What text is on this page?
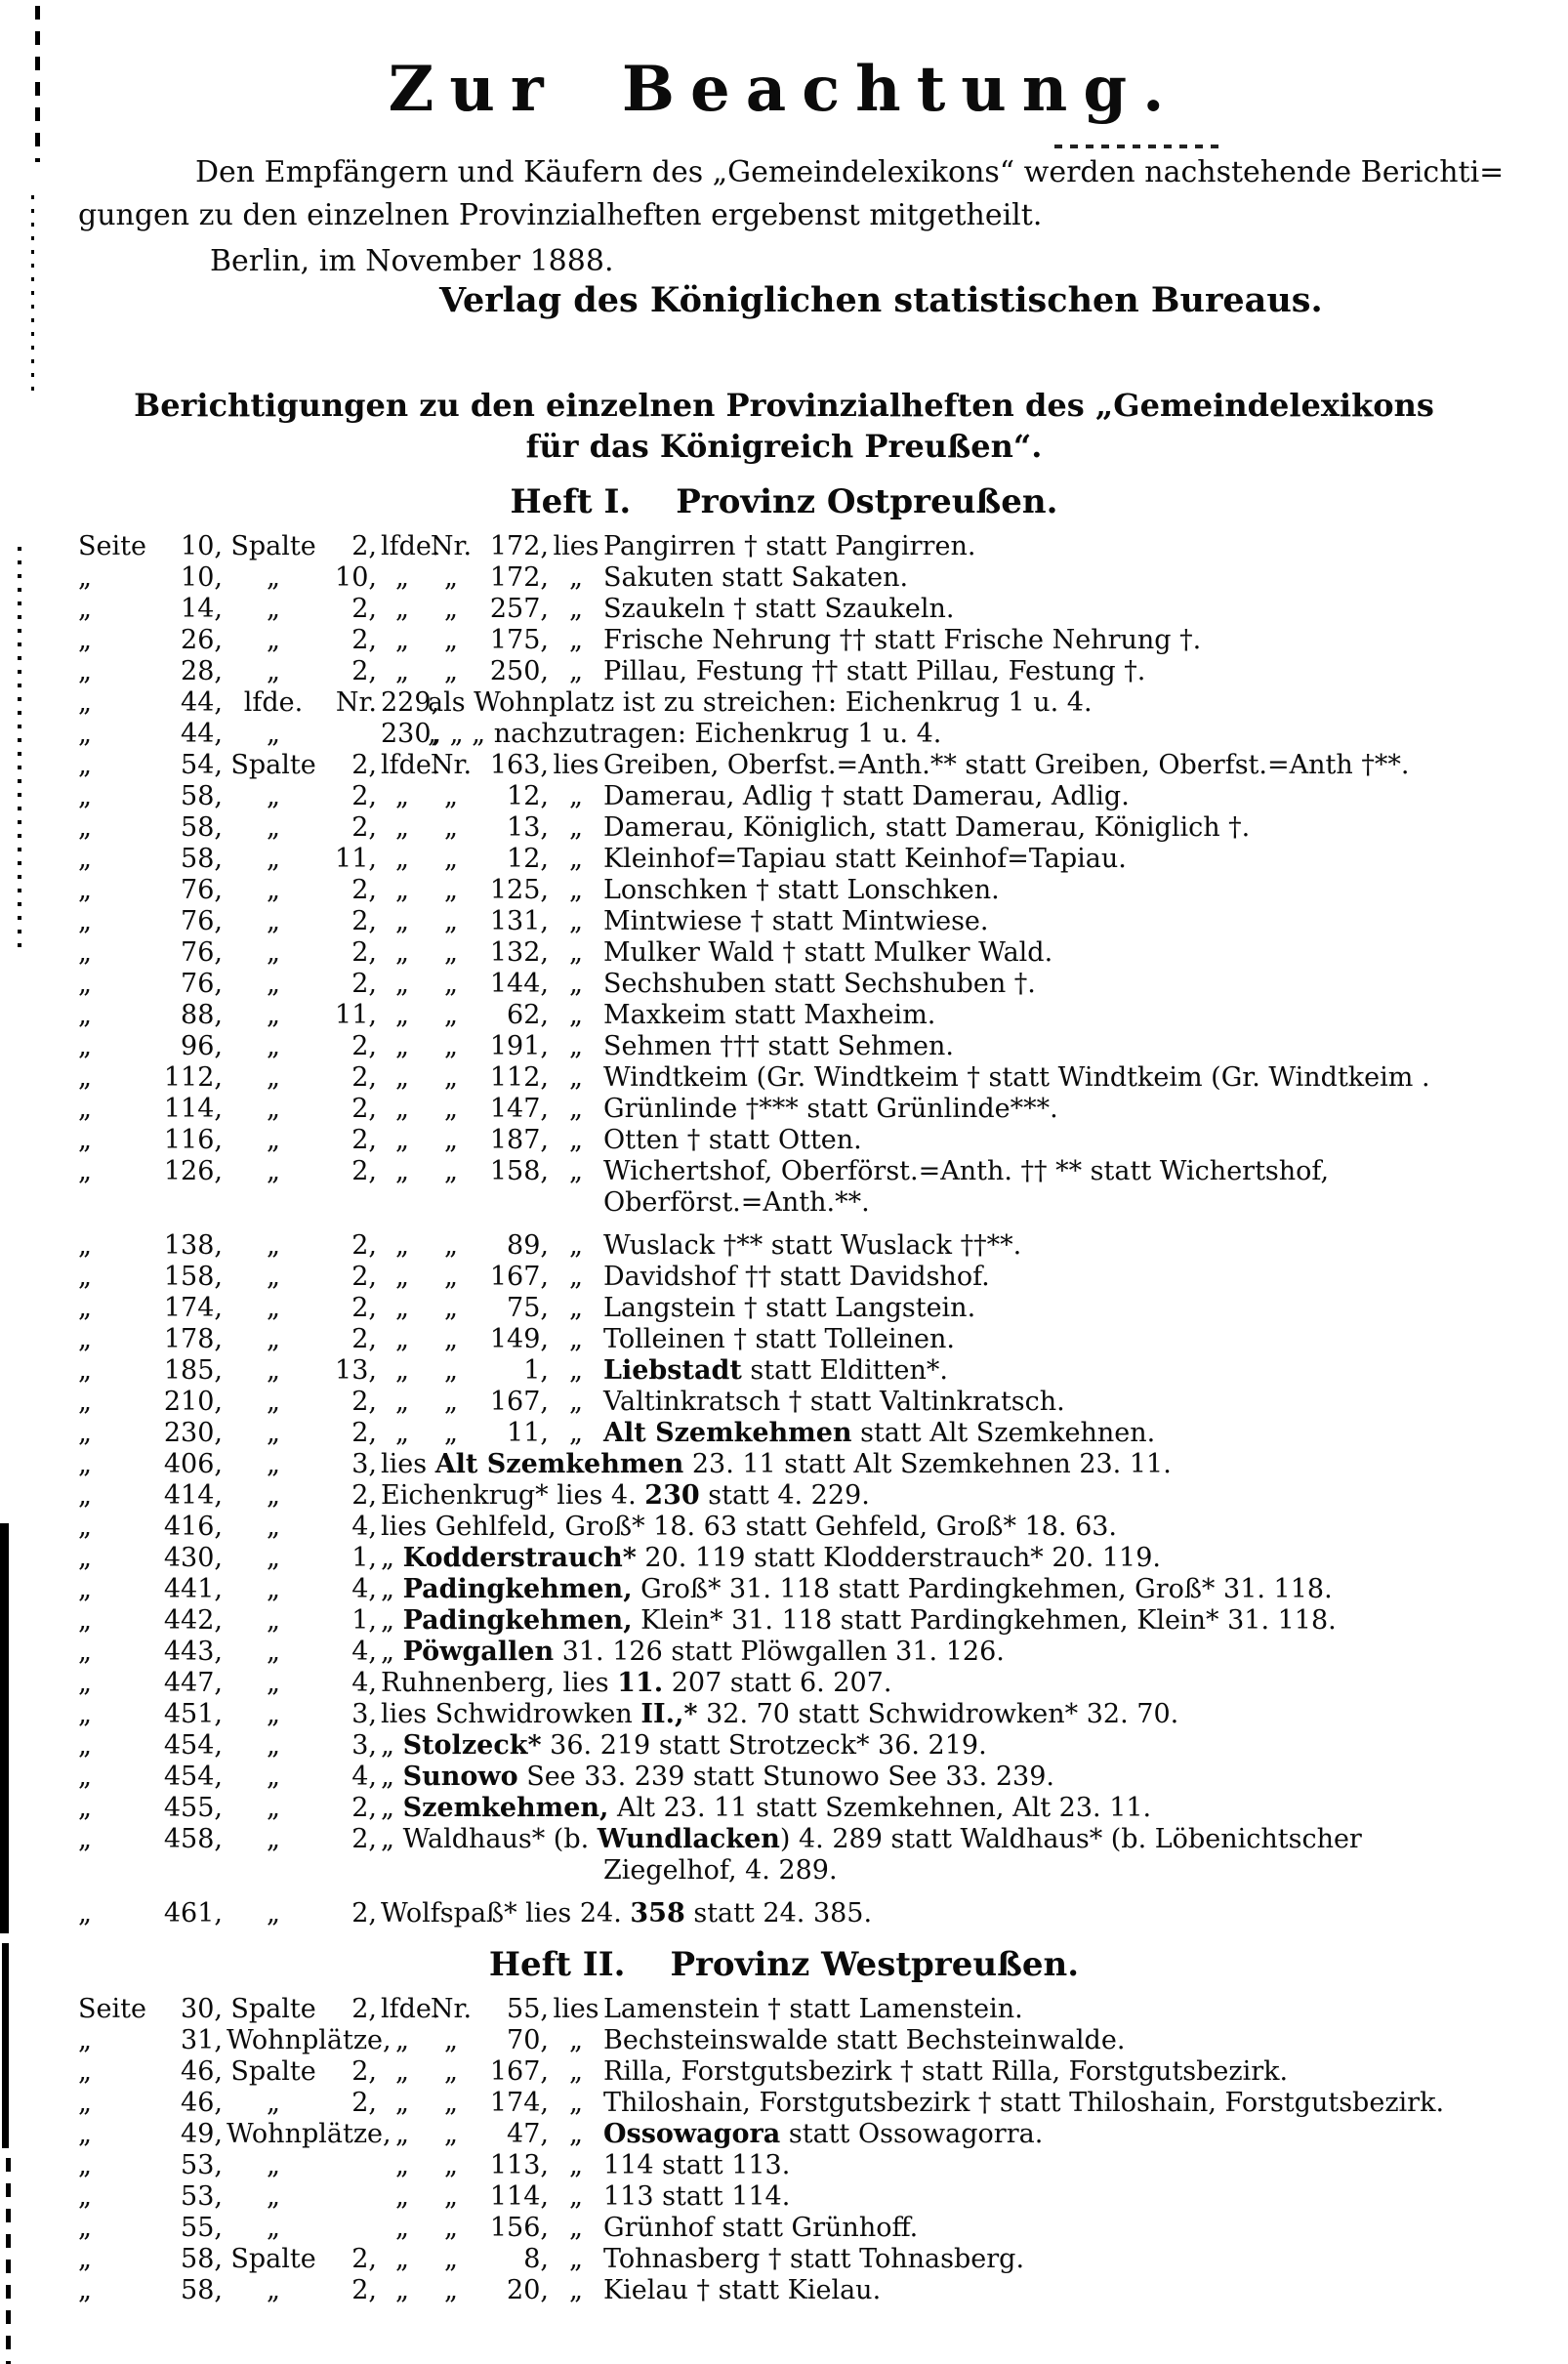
Zur Beachtung.

Den Empfängern und Käufern des „Gemeindelexikons“ werden nachstehende Berichti=
gungen zu den einzelnen Provinzialheften ergebenst mitgetheilt.

Berlin, im November 1888.
Verlag des Königlichen statistischen Bureaus.
Berichtigungen zu den einzelnen Provinzialheften des „Gemeindelexikons
für das Königreich Preußen“.
Heft I. Provinz Ostpreußen.
Seite	10,	Spalte	2,	lfde.	Nr.	172,	lies	Pangirren † statt Pangirren.
„	10,	„	10,	„	„	172,	„	Sakuten statt Sakaten.
„	14,	„	2,	„	„	257,	„	Szaukeln † statt Szaukeln.
„	26,	„	2,	„	„	175,	„	Frische Nehrung †† statt Frische Nehrung †.
„	28,	„	2,	„	„	250,	„	Pillau, Festung †† statt Pillau, Festung †.
„	44,	lfde.	Nr.	229,	als Wohnplatz ist zu streichen: Eichenkrug 1 u. 4.			
„	44,	„		230,	„ „ „ nachzutragen: Eichenkrug 1 u. 4.			
„	54,	Spalte	2,	lfde.	Nr.	163,	lies	Greiben, Oberfst.=Anth.** statt Greiben, Oberfst.=Anth †**.
„	58,	„	2,	„	„	12,	„	Damerau, Adlig † statt Damerau, Adlig.
„	58,	„	2,	„	„	13,	„	Damerau, Königlich, statt Damerau, Königlich †.
„	58,	„	11,	„	„	12,	„	Kleinhof=Tapiau statt Keinhof=Tapiau.
„	76,	„	2,	„	„	125,	„	Lonschken † statt Lonschken.
„	76,	„	2,	„	„	131,	„	Mintwiese † statt Mintwiese.
„	76,	„	2,	„	„	132,	„	Mulker Wald † statt Mulker Wald.
„	76,	„	2,	„	„	144,	„	Sechshuben statt Sechshuben †.
„	88,	„	11,	„	„	62,	„	Maxkeim statt Maxheim.
„	96,	„	2,	„	„	191,	„	Sehmen ††† statt Sehmen.
„	112,	„	2,	„	„	112,	„	Windtkeim (Gr. Windtkeim † statt Windtkeim (Gr. Windtkeim .
„	114,	„	2,	„	„	147,	„	Grünlinde †*** statt Grünlinde***.
„	116,	„	2,	„	„	187,	„	Otten † statt Otten.
„	126,	„	2,	„	„	158,	„	Wichertshof, Oberförst.=Anth. †† ** statt Wichertshof,
								Oberförst.=Anth.**.
„	138,	„	2,	„	„	89,	„	Wuslack †** statt Wuslack ††**.
„	158,	„	2,	„	„	167,	„	Davidshof †† statt Davidshof.
„	174,	„	2,	„	„	75,	„	Langstein † statt Langstein.
„	178,	„	2,	„	„	149,	„	Tolleinen † statt Tolleinen.
„	185,	„	13,	„	„	1,	„	Liebstadt statt Elditten*.
„	210,	„	2,	„	„	167,	„	Valtinkratsch † statt Valtinkratsch.
„	230,	„	2,	„	„	11,	„	Alt Szemkehmen statt Alt Szemkehnen.
„	406,	„	3,	lies Alt Szemkehmen 23. 11 statt Alt Szemkehnen 23. 11.				
„	414,	„	2,	Eichenkrug* lies 4. 230 statt 4. 229.				
„	416,	„	4,	lies Gehlfeld, Groß* 18. 63 statt Gehfeld, Groß* 18. 63.				
„	430,	„	1,	„ Kodderstrauch* 20. 119 statt Klodderstrauch* 20. 119.				
„	441,	„	4,	„ Padingkehmen, Groß* 31. 118 statt Pardingkehmen, Groß* 31. 118.				
„	442,	„	1,	„ Padingkehmen, Klein* 31. 118 statt Pardingkehmen, Klein* 31. 118.				
„	443,	„	4,	„ Pöwgallen 31. 126 statt Plöwgallen 31. 126.				
„	447,	„	4,	Ruhnenberg, lies 11. 207 statt 6. 207.				
„	451,	„	3,	lies Schwidrowken II.,* 32. 70 statt Schwidrowken* 32. 70.				
„	454,	„	3,	„ Stolzeck* 36. 219 statt Strotzeck* 36. 219.				
„	454,	„	4,	„ Sunowo See 33. 239 statt Stunowo See 33. 239.				
„	455,	„	2,	„ Szemkehmen, Alt 23. 11 statt Szemkehnen, Alt 23. 11.				
„	458,	„	2,	„ Waldhaus* (b. Wundlacken) 4. 289 statt Waldhaus* (b. Löbenichtscher				
								Ziegelhof, 4. 289.
„	461,	„	2,	Wolfspaß* lies 24. 358 statt 24. 385.				
Heft II. Provinz Westpreußen.
Seite	30,	Spalte	2,	lfde.	Nr.	55,	lies	Lamenstein † statt Lamenstein.
„	31,	Wohnplätze,		„	„	70,	„	Bechsteinswalde statt Bechsteinwalde.
„	46,	Spalte	2,	„	„	167,	„	Rilla, Forstgutsbezirk † statt Rilla, Forstgutsbezirk.
„	46,	„	2,	„	„	174,	„	Thiloshain, Forstgutsbezirk † statt Thiloshain, Forstgutsbezirk.
„	49,	Wohnplätze,		„	„	47,	„	Ossowagora statt Ossowagorra.
„	53,	„		„	„	113,	„	114 statt 113.
„	53,	„		„	„	114,	„	113 statt 114.
„	55,	„		„	„	156,	„	Grünhof statt Grünhoff.
„	58,	Spalte	2,	„	„	8,	„	Tohnasberg † statt Tohnasberg.
„	58,	„	2,	„	„	20,	„	Kielau † statt Kielau.
